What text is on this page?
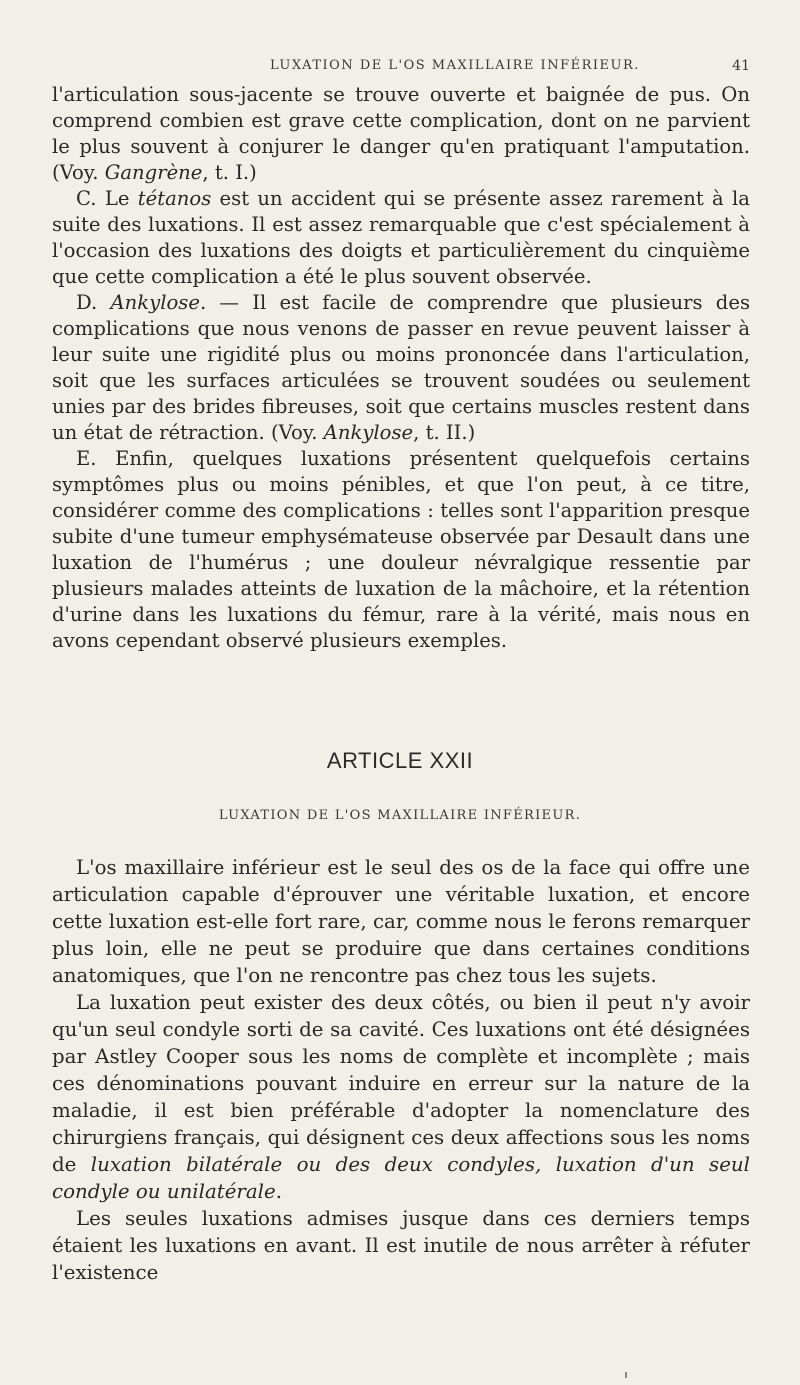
LUXATION DE L'OS MAXILLAIRE INFÉRIEUR.	41

l'articulation sous-jacente se trouve ouverte et baignée de pus. On comprend combien est grave cette complication, dont on ne parvient le plus souvent à conjurer le danger qu'en pratiquant l'amputation. (Voy. Gangrène, t. I.)

C. Le tétanos est un accident qui se présente assez rarement à la suite des luxations. Il est assez remarquable que c'est spécialement à l'occasion des luxations des doigts et particulièrement du cinquième que cette complication a été le plus souvent observée.

D. Ankylose. — Il est facile de comprendre que plusieurs des complications que nous venons de passer en revue peuvent laisser à leur suite une rigidité plus ou moins prononcée dans l'articulation, soit que les surfaces articulées se trouvent soudées ou seulement unies par des brides fibreuses, soit que certains muscles restent dans un état de rétraction. (Voy. Ankylose, t. II.)

E. Enfin, quelques luxations présentent quelquefois certains symptômes plus ou moins pénibles, et que l'on peut, à ce titre, considérer comme des complications : telles sont l'apparition presque subite d'une tumeur emphysémateuse observée par Desault dans une luxation de l'humérus ; une douleur névralgique ressentie par plusieurs malades atteints de luxation de la mâchoire, et la rétention d'urine dans les luxations du fémur, rare à la vérité, mais nous en avons cependant observé plusieurs exemples.

ARTICLE XXII
LUXATION DE L'OS MAXILLAIRE INFÉRIEUR.

L'os maxillaire inférieur est le seul des os de la face qui offre une articulation capable d'éprouver une véritable luxation, et encore cette luxation est-elle fort rare, car, comme nous le ferons remarquer plus loin, elle ne peut se produire que dans certaines conditions anatomiques, que l'on ne rencontre pas chez tous les sujets.

La luxation peut exister des deux côtés, ou bien il peut n'y avoir qu'un seul condyle sorti de sa cavité. Ces luxations ont été désignées par Astley Cooper sous les noms de complète et incomplète ; mais ces dénominations pouvant induire en erreur sur la nature de la maladie, il est bien préférable d'adopter la nomenclature des chirurgiens français, qui désignent ces deux affections sous les noms de luxation bilatérale ou des deux condyles, luxation d'un seul condyle ou unilatérale.

Les seules luxations admises jusque dans ces derniers temps étaient les luxations en avant. Il est inutile de nous arrêter à réfuter l'existence
